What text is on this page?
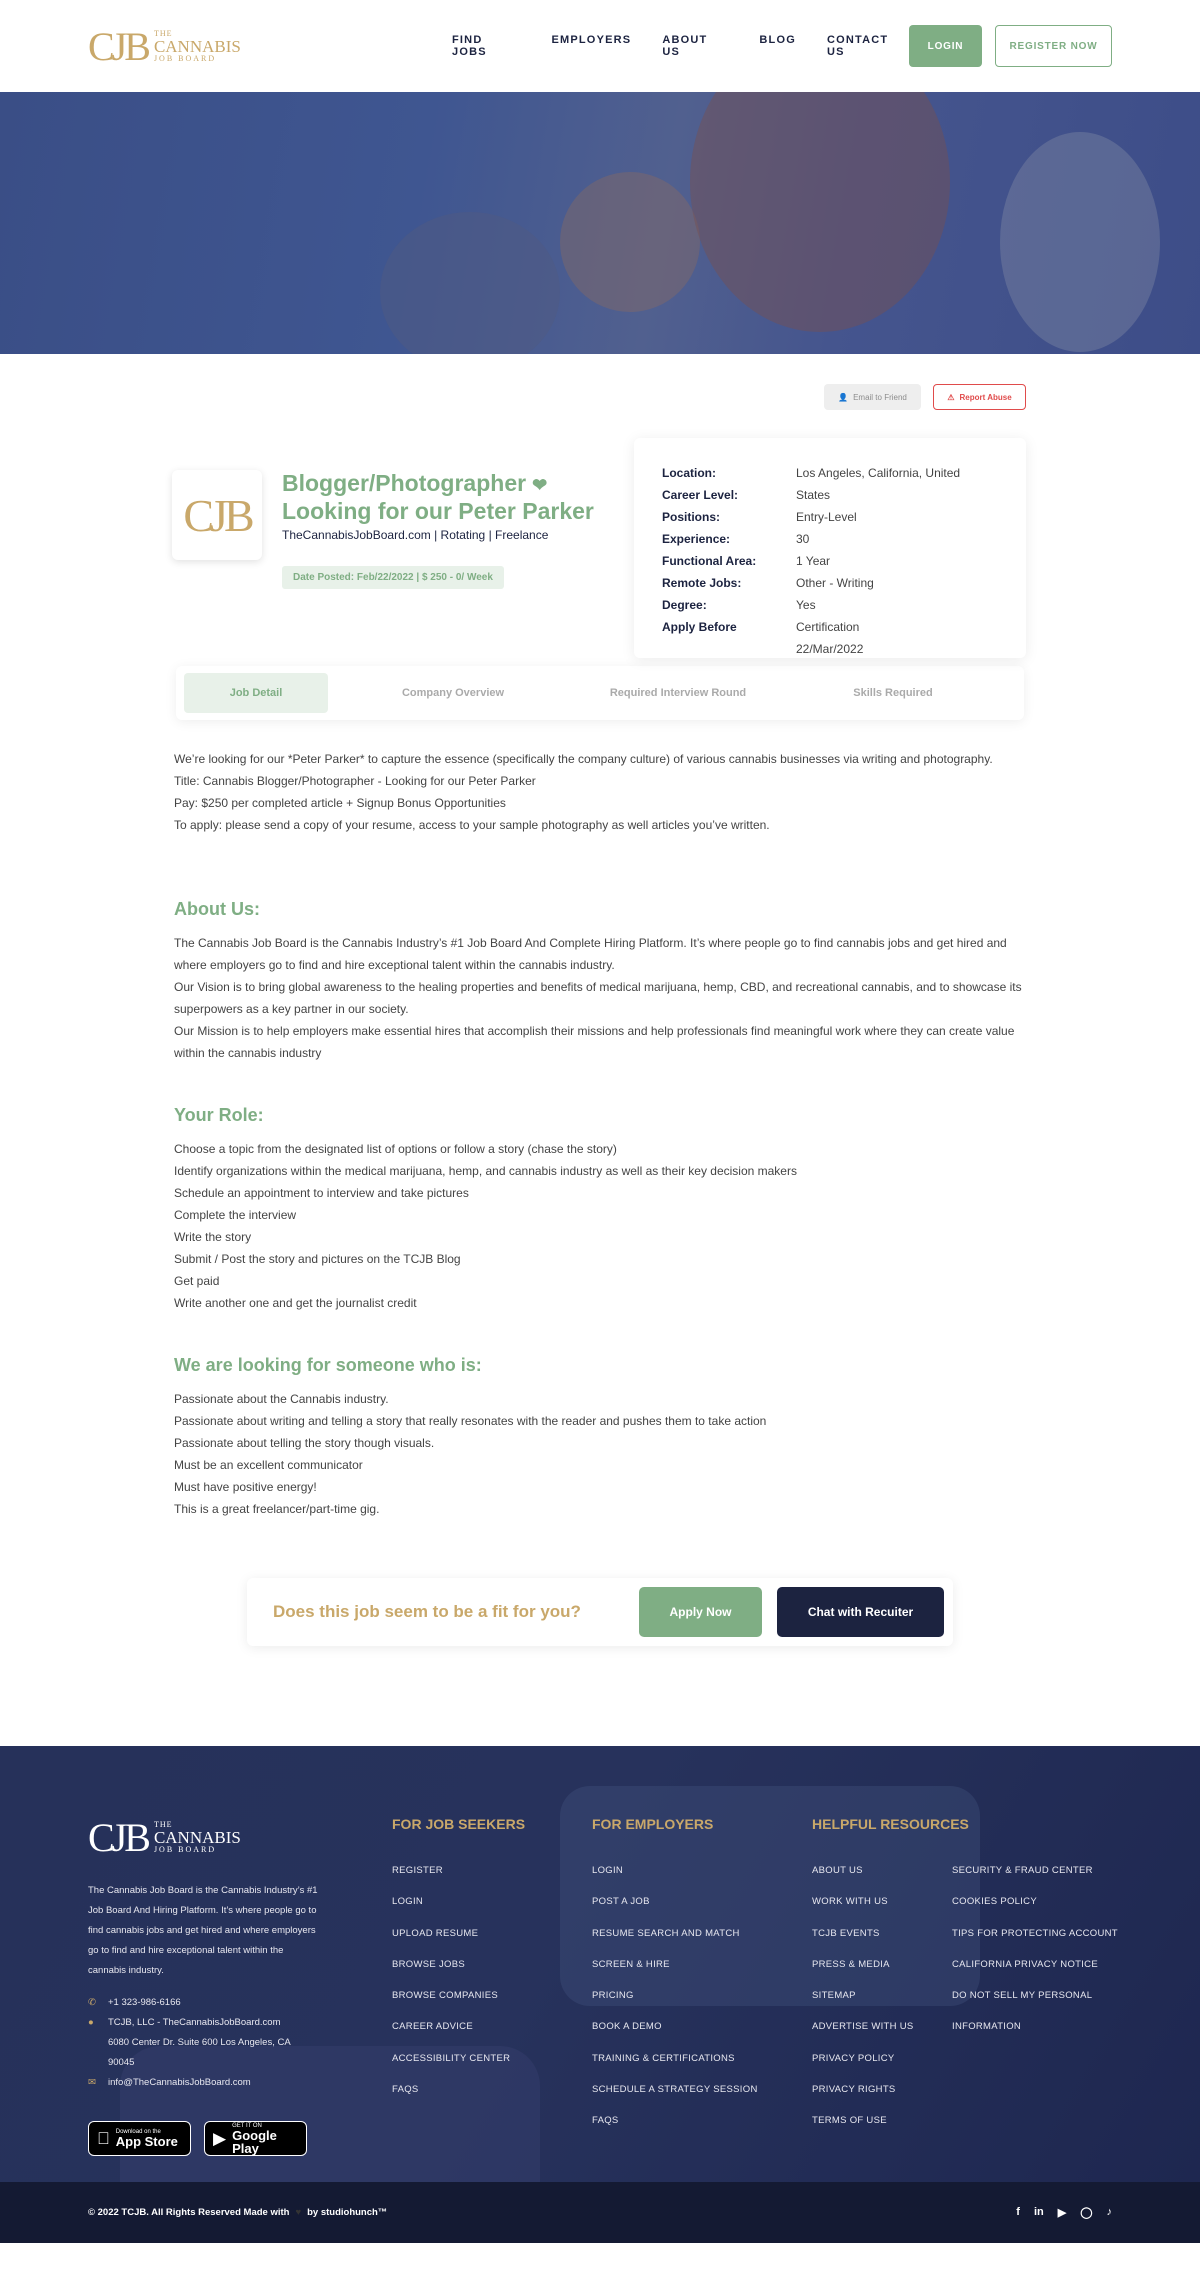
CJB THE
CANNABIS
JOB BOARD
FIND JOBS
EMPLOYERS	ABOUT US
BLOG	CONTACT US	LOGIN	REGISTER NOW
👤 Email to Friend	⚠ Report Abuse
CJB
Blogger/Photographer ❤
Looking for our Peter Parker
TheCannabisJobBoard.com | Rotating | Freelance
Date Posted: Feb/22/2022 | $ 250 - 0/ Week
Location:	Los Angeles, California, United
Career Level:	States
Positions:	Entry-Level
Experience:	30
Functional Area:	1 Year
Remote Jobs:	Other - Writing
Degree:	Yes
Apply Before	Certification
22/Mar/2022
Job Detail	Company Overview	Required Interview Round	Skills Required

We’re looking for our *Peter Parker* to capture the essence (specifically the company culture) of various cannabis businesses via writing and photography.

Title: Cannabis Blogger/Photographer - Looking for our Peter Parker

Pay: $250 per completed article + Signup Bonus Opportunities

To apply: please send a copy of your resume, access to your sample photography as well articles you’ve written.

About Us:

The Cannabis Job Board is the Cannabis Industry’s #1 Job Board And Complete Hiring Platform. It’s where people go to find cannabis jobs and get hired and where employers go to find and hire exceptional talent within the cannabis industry.

Our Vision is to bring global awareness to the healing properties and benefits of medical marijuana, hemp, CBD, and recreational cannabis, and to showcase its superpowers as a key partner in our society.

Our Mission is to help employers make essential hires that accomplish their missions and help professionals find meaningful work where they can create value within the cannabis industry

Your Role:

Choose a topic from the designated list of options or follow a story (chase the story)

Identify organizations within the medical marijuana, hemp, and cannabis industry as well as their key decision makers

Schedule an appointment to interview and take pictures

Complete the interview

Write the story

Submit / Post the story and pictures on the TCJB Blog

Get paid

Write another one and get the journalist credit

We are looking for someone who is:

Passionate about the Cannabis industry.

Passionate about writing and telling a story that really resonates with the reader and pushes them to take action

Passionate about telling the story though visuals.

Must be an excellent communicator

Must have positive energy!

This is a great freelancer/part-time gig.

Does this job seem to be a fit for you?	Apply Now	Chat with Recuiter
CJB THE
CANNABIS
JOB BOARD
The Cannabis Job Board is the Cannabis Industry’s #1 Job Board And Hiring Platform. It’s where people go to find cannabis jobs and get hired and where employers go to find and hire exceptional talent within the cannabis industry.
✆	+1 323-986-6166
●	TCJB, LLC - TheCannabisJobBoard.com
6080 Center Dr. Suite 600 Los Angeles, CA 90045
✉	info@TheCannabisJobBoard.com
Download on the
App Store	▶
GET IT ON
Google Play
FOR JOB SEEKERS
REGISTER
LOGIN
UPLOAD RESUME
BROWSE JOBS
BROWSE COMPANIES
CAREER ADVICE
ACCESSIBILITY CENTER
FAQS
FOR EMPLOYERS
LOGIN
POST A JOB
RESUME SEARCH AND MATCH
SCREEN & HIRE
PRICING
BOOK A DEMO
TRAINING & CERTIFICATIONS
SCHEDULE A STRATEGY SESSION
FAQS
HELPFUL RESOURCES
ABOUT US
WORK WITH US
TCJB EVENTS
PRESS & MEDIA
SITEMAP
ADVERTISE WITH US
PRIVACY POLICY
PRIVACY RIGHTS
TERMS OF USE
SECURITY & FRAUD CENTER
COOKIES POLICY
TIPS FOR PROTECTING ACCOUNT
CALIFORNIA PRIVACY NOTICE
DO NOT SELL MY PERSONAL
INFORMATION
© 2022 TCJB. All Rights Reserved Made with ♥ by studiohunch™	f in ▶ ◯ ♪
